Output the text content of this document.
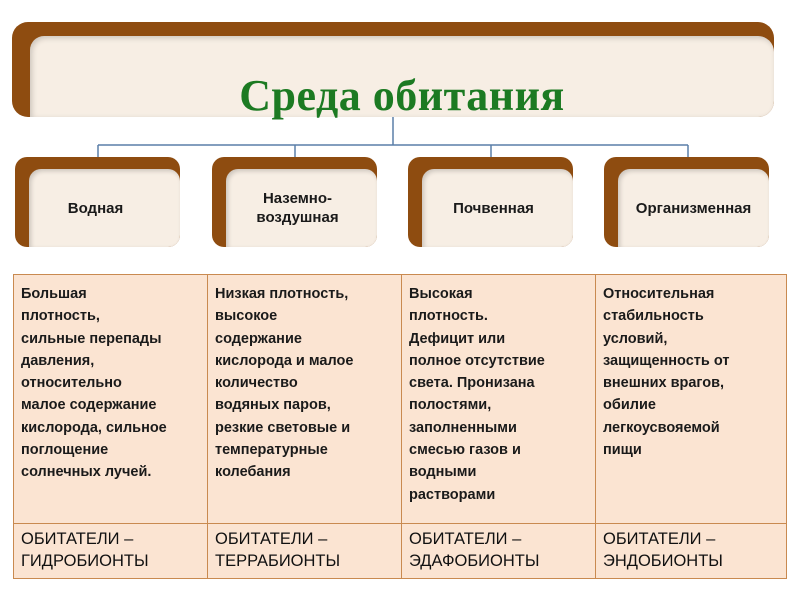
Среда обитания
Водная
Наземно-
воздушная
Почвенная	Организменная
Большая
плотность,
сильные перепады
давления,
относительно
малое содержание
кислорода, сильное
поглощение
солнечных лучей.
ОБИТАТЕЛИ –
ГИДРОБИОНТЫ
Низкая плотность,
высокое
содержание
кислорода и малое
количество
водяных паров,
резкие световые и
температурные
колебания
ОБИТАТЕЛИ –
ТЕРРАБИОНТЫ
Высокая
плотность.
Дефицит или
полное отсутствие
света. Пронизана
полостями,
заполненными
смесью газов и
водными
растворами
ОБИТАТЕЛИ –
ЭДАФОБИОНТЫ
Относительная
стабильность
условий,
защищенность от
внешних врагов,
обилие
легкоусвояемой
пищи
ОБИТАТЕЛИ –
ЭНДОБИОНТЫ
